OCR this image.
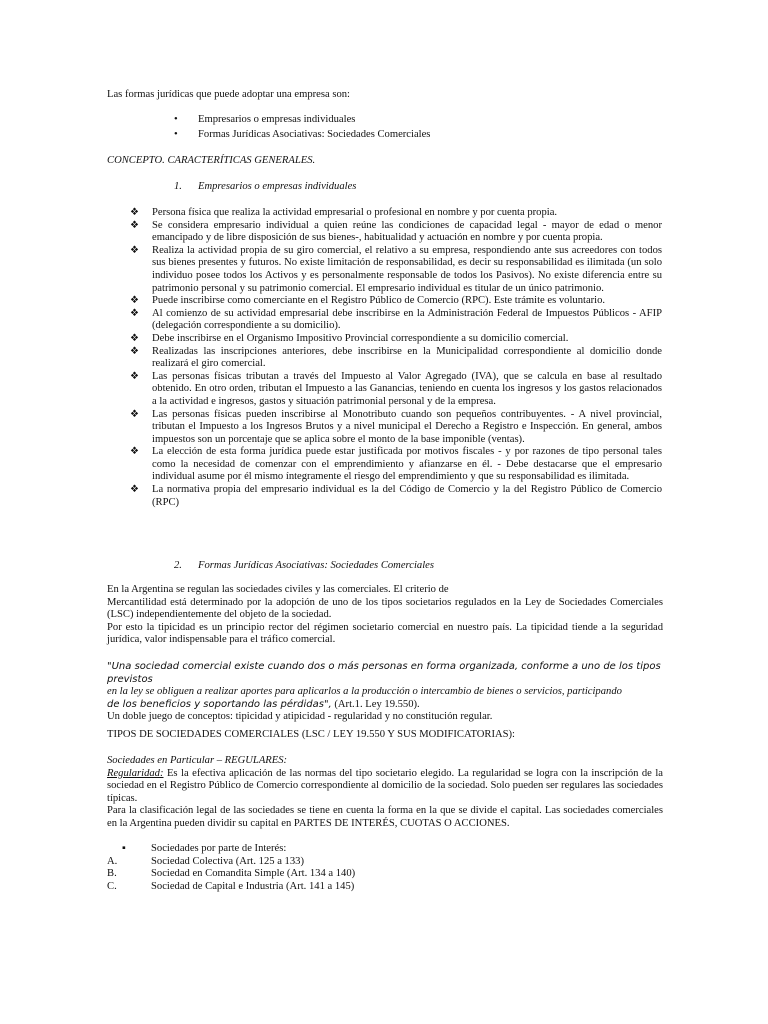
Las formas jurídicas que puede adoptar una empresa son:

• Empresarios o empresas individuales
• Formas Jurídicas Asociativas: Sociedades Comerciales

CONCEPTO. CARACTERÍTICAS GENERALES.

1. Empresarios o empresas individuales

❖ Persona física que realiza la actividad empresarial o profesional en nombre y por cuenta propia.
❖ Se considera empresario individual a quien reúne las condiciones de capacidad legal - mayor de edad o menor emancipado y de libre disposición de sus bienes-, habitualidad y actuación en nombre y por cuenta propia.
❖ Realiza la actividad propia de su giro comercial, el relativo a su empresa, respondiendo ante sus acreedores con todos sus bienes presentes y futuros. No existe limitación de responsabilidad, es decir su responsabilidad es ilimitada (un solo individuo posee todos los Activos y es personalmente responsable de todos los Pasivos). No existe diferencia entre su patrimonio personal y su patrimonio comercial. El empresario individual es titular de un único patrimonio.
❖ Puede inscribirse como comerciante en el Registro Público de Comercio (RPC). Este trámite es voluntario.
❖ Al comienzo de su actividad empresarial debe inscribirse en la Administración Federal de Impuestos Públicos - AFIP (delegación correspondiente a su domicilio).
❖ Debe inscribirse en el Organismo Impositivo Provincial correspondiente a su domicilio comercial.
❖ Realizadas las inscripciones anteriores, debe inscribirse en la Municipalidad correspondiente al domicilio donde realizará el giro comercial.
❖ Las personas físicas tributan a través del Impuesto al Valor Agregado (IVA), que se calcula en base al resultado obtenido. En otro orden, tributan el Impuesto a las Ganancias, teniendo en cuenta los ingresos y los gastos relacionados a la actividad e ingresos, gastos y situación patrimonial personal y de la empresa.
❖ Las personas físicas pueden inscribirse al Monotributo cuando son pequeños contribuyentes. - A nivel provincial, tributan el Impuesto a los Ingresos Brutos y a nivel municipal el Derecho a Registro e Inspección. En general, ambos impuestos son un porcentaje que se aplica sobre el monto de la base imponible (ventas).
❖ La elección de esta forma jurídica puede estar justificada por motivos fiscales - y por razones de tipo personal tales como la necesidad de comenzar con el emprendimiento y afianzarse en él. - Debe destacarse que el empresario individual asume por él mismo íntegramente el riesgo del emprendimiento y que su responsabilidad es ilimitada.
❖ La normativa propia del empresario individual es la del Código de Comercio y la del Registro Público de Comercio (RPC)

2. Formas Jurídicas Asociativas: Sociedades Comerciales

En la Argentina se regulan las sociedades civiles y las comerciales. El criterio de
Mercantilidad está determinado por la adopción de uno de los tipos societarios regulados en la Ley de Sociedades Comerciales (LSC) independientemente del objeto de la sociedad.
Por esto la tipicidad es un principio rector del régimen societario comercial en nuestro país. La tipicidad tiende a la seguridad jurídica, valor indispensable para el tráfico comercial.
"Una sociedad comercial existe cuando dos o más personas en forma organizada, conforme a uno de los tipos previstos
en la ley se obliguen a realizar aportes para aplicarlos a la producción o intercambio de bienes o servicios, participando
de los beneficios y soportando las pérdidas", (Art.1. Ley 19.550).
Un doble juego de conceptos: tipicidad y atipicidad - regularidad y no constitución regular.

TIPOS DE SOCIEDADES COMERCIALES (LSC / LEY 19.550 Y SUS MODIFICATORIAS):

Sociedades en Particular – REGULARES:
Regularidad: Es la efectiva aplicación de las normas del tipo societario elegido. La regularidad se logra con la inscripción de la sociedad en el Registro Público de Comercio correspondiente al domicilio de la sociedad. Solo pueden ser regulares las sociedades típicas.
Para la clasificación legal de las sociedades se tiene en cuenta la forma en la que se divide el capital. Las sociedades comerciales en la Argentina pueden dividir su capital en PARTES DE INTERÉS, CUOTAS O ACCIONES.
Sociedades por parte de Interés:
A.	Sociedad Colectiva (Art. 125 a 133)
B.	Sociedad en Comandita Simple (Art. 134 a 140)
C.	Sociedad de Capital e Industria (Art. 141 a 145)
